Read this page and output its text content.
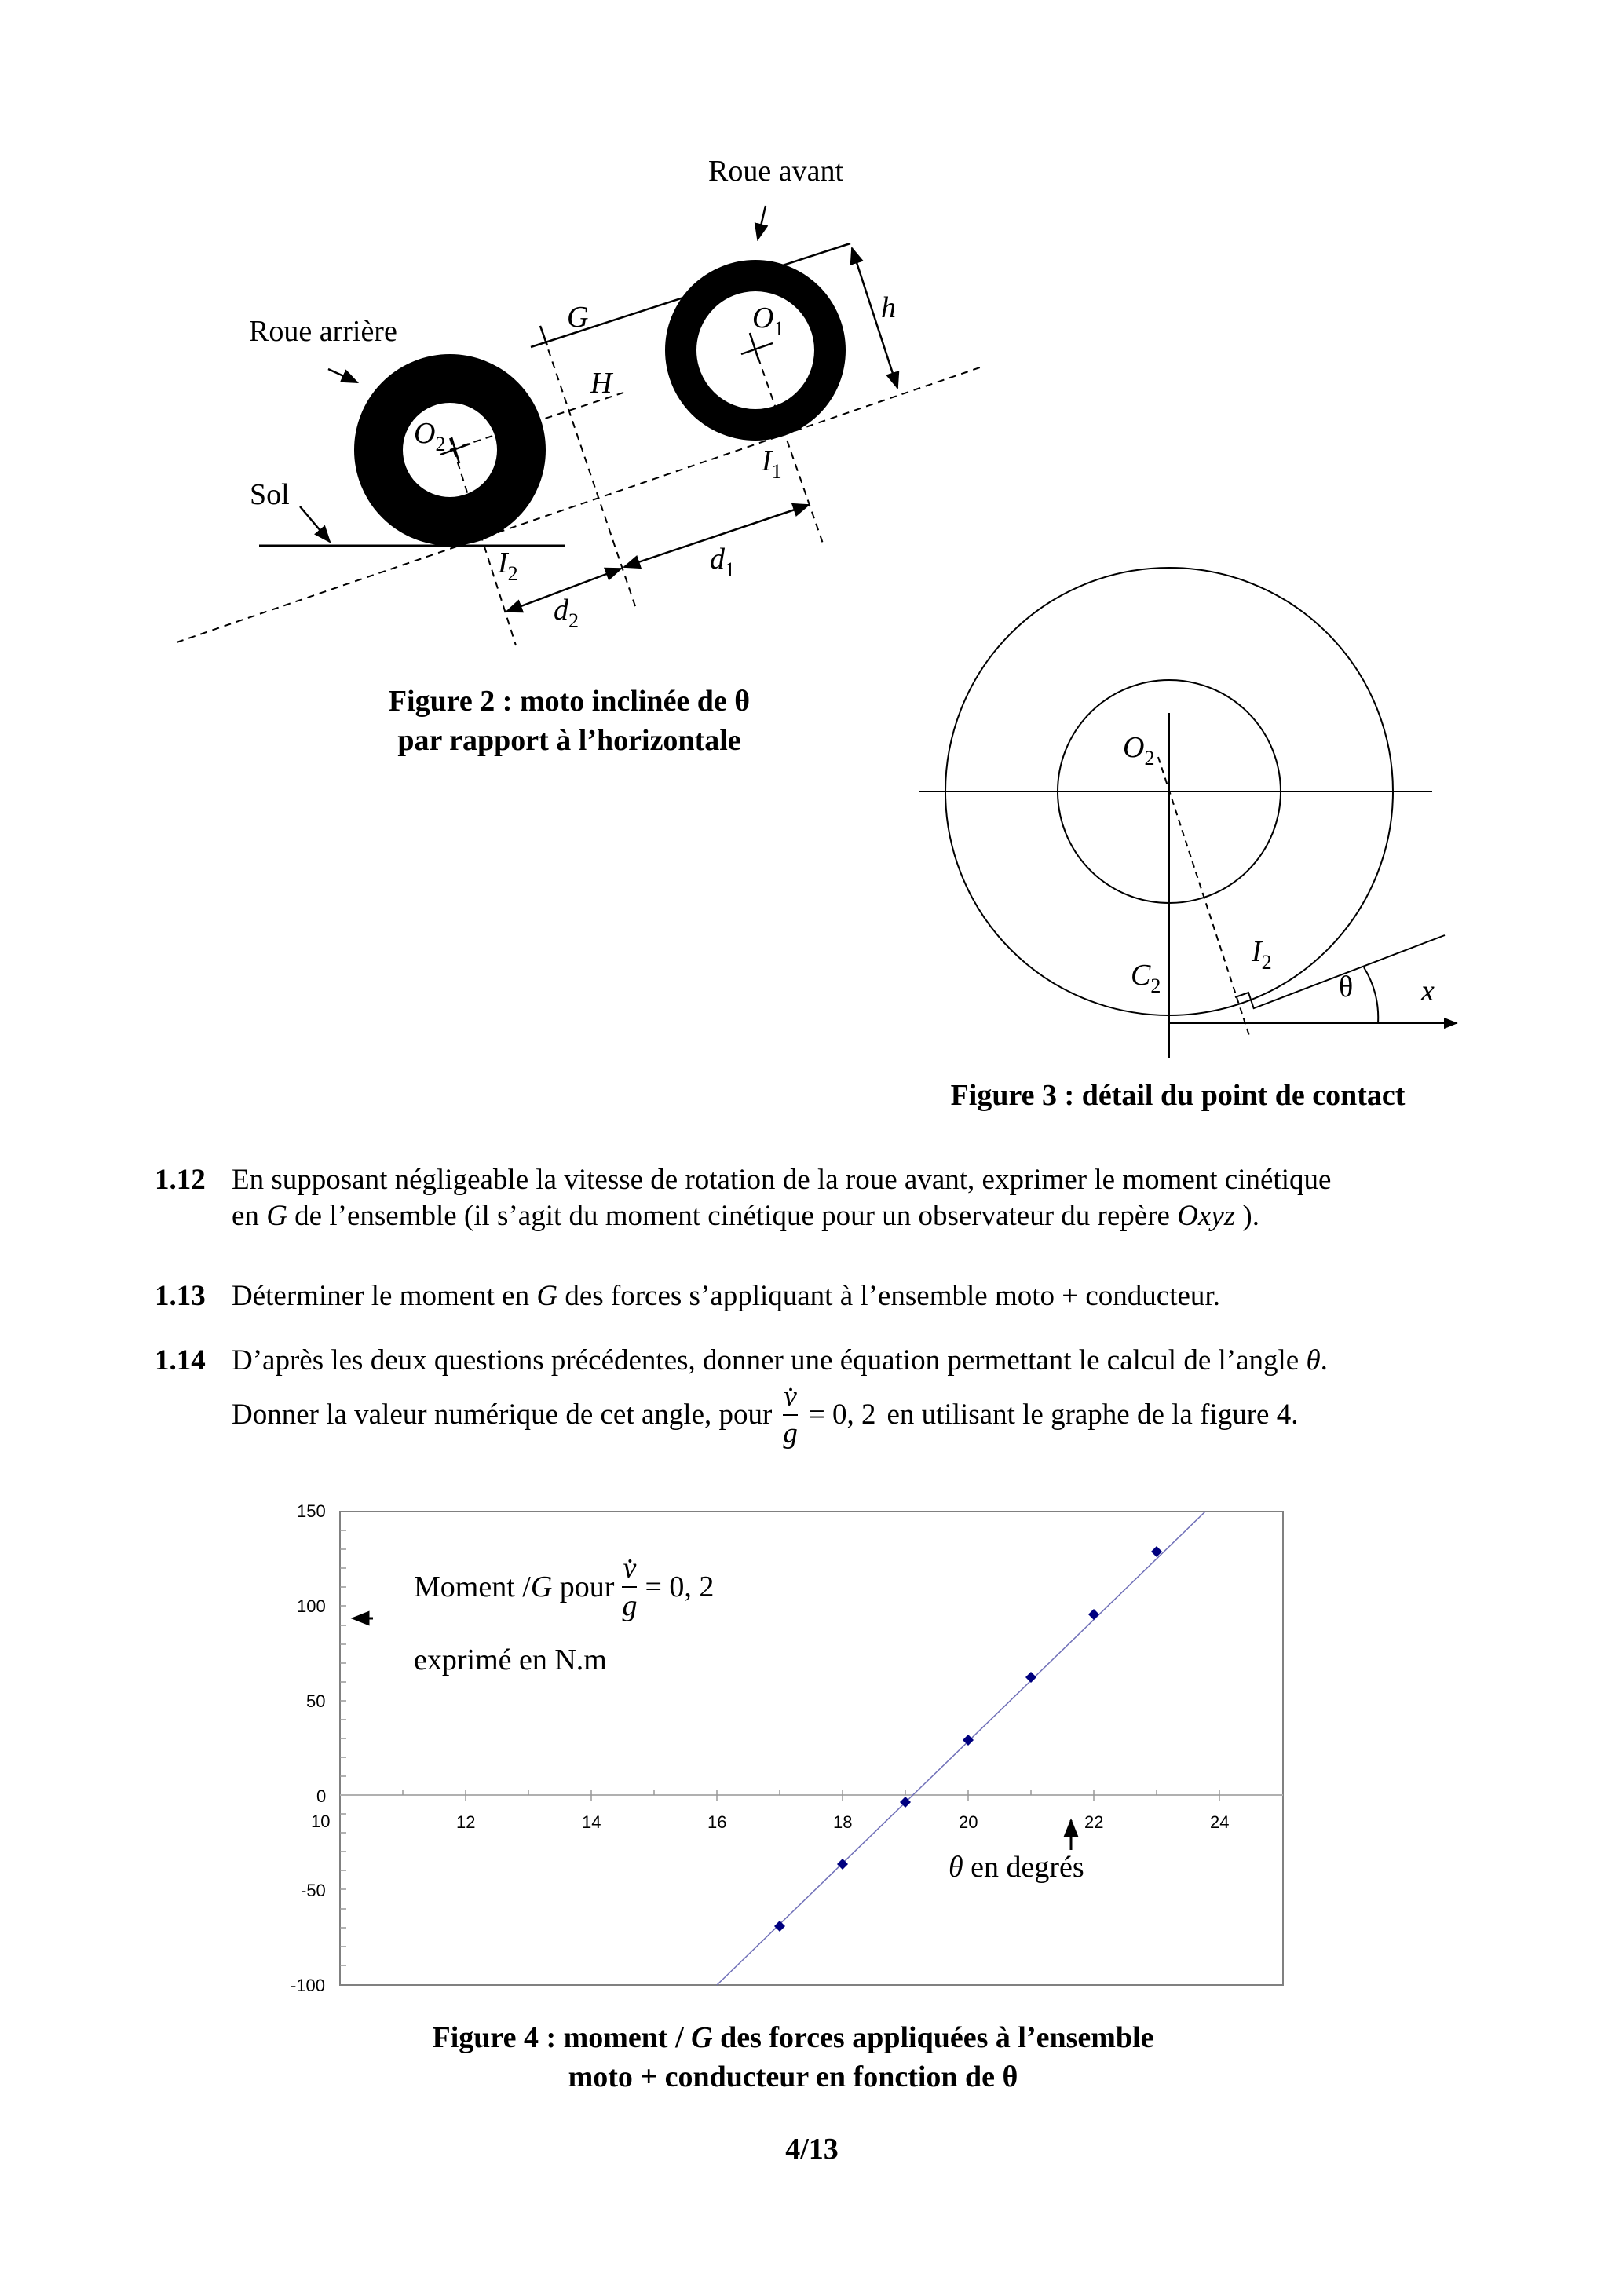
Roue avant
Roue arrière
Sol
G
H
h
$O_1$
$O_2$
$I_1$
$I_2$	$d_1$
$d_2$
Figure 2 : moto inclinée de θ
par rapport à l’horizontale	$O_2$
$C_2$
$I_2$
θ x
Figure 3 : détail du point de contact
1.12 En supposant négligeable la vitesse de rotation de la roue avant, exprimer le moment cinétique
en G de l’ensemble (il s’agit du moment cinétique pour un observateur du repère Oxyz ).
1.13 Déterminer le moment en G des forces s’appliquant à l’ensemble moto + conducteur.
1.14 D’après les deux questions précédentes, donner une équation permettant le calcul de l’angle θ.
Donner la valeur numérique de cet angle, pour $\frac{v̇}{g} = 0$, 2 en utilisant le graphe de la figure 4.
150
100
50
0
-50
-100
10	12	14	16	18	20	22	24
Moment /G pour $\frac{v̇}{g} = 0$, 2
exprimé en N.m
θ en degrés
Figure 4 : moment / G des forces appliquées à l’ensemble
moto + conducteur en fonction de θ
4/13
